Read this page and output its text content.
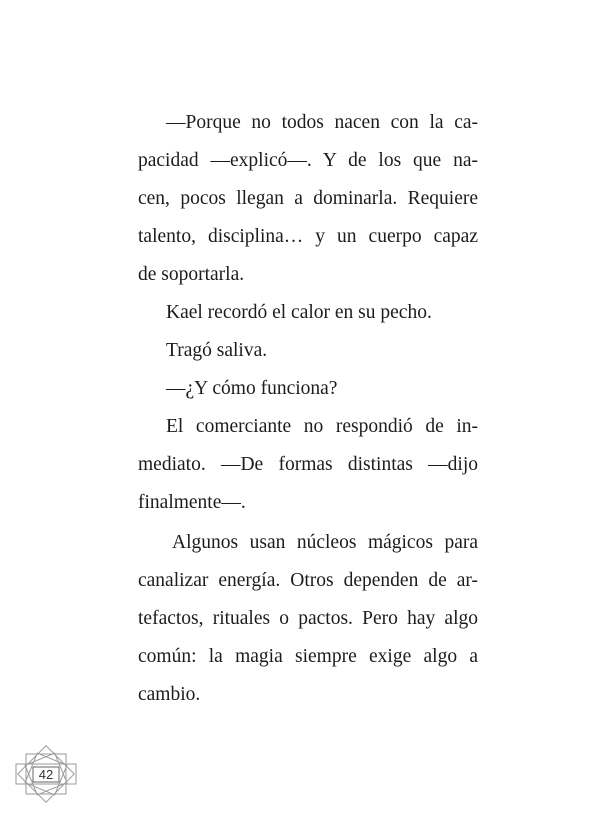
—Porque no todos nacen con la ca-
pacidad —explicó—. Y de los que na-
cen, pocos llegan a dominarla. Requiere
talento, disciplina… y un cuerpo capaz
de soportarla.
Kael recordó el calor en su pecho.
Tragó saliva.
—¿Y cómo funciona?
El comerciante no respondió de in-
mediato. —De formas distintas —dijo
finalmente—.
Algunos usan núcleos mágicos para
canalizar energía. Otros dependen de ar-
tefactos, rituales o pactos. Pero hay algo
común: la magia siempre exige algo a
cambio.
42
